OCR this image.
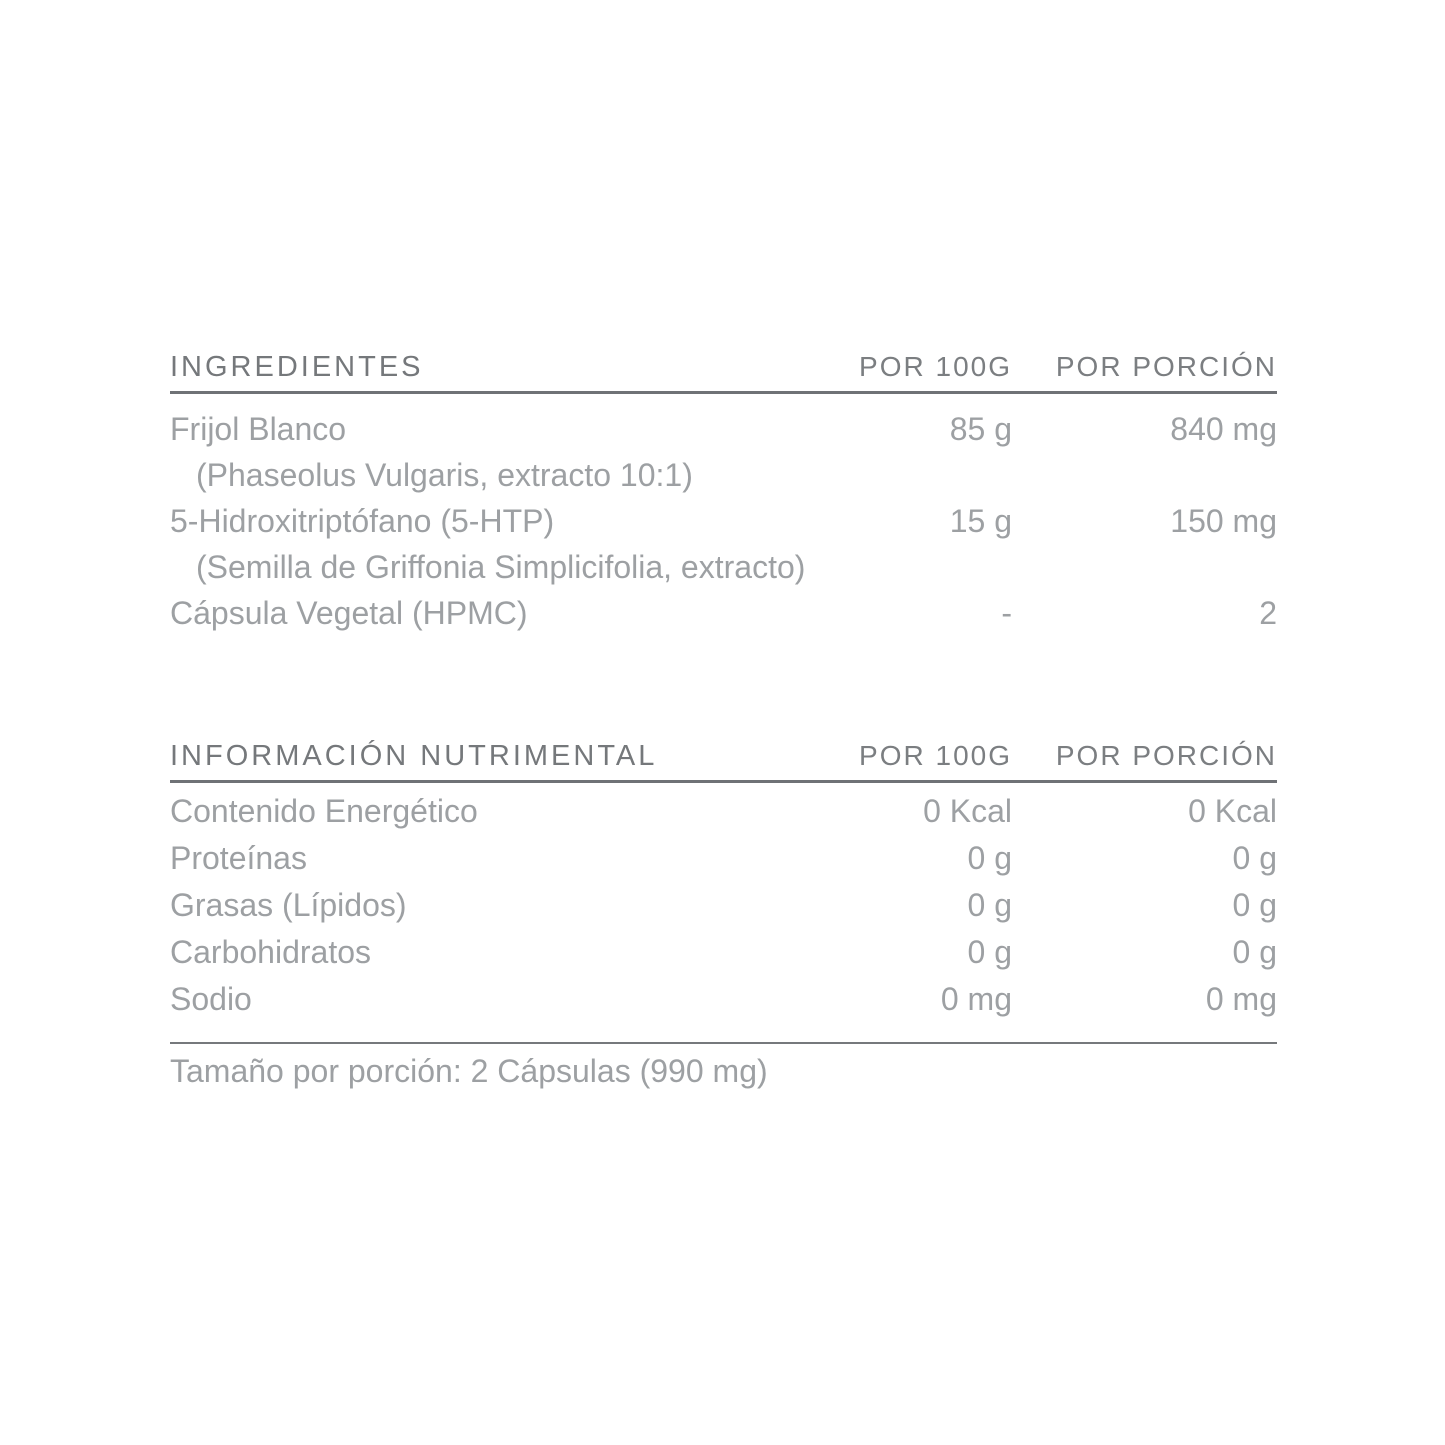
INGREDIENTES	POR 100G	POR PORCIÓN
Frijol Blanco	85 g	840 mg
(Phaseolus Vulgaris, extracto 10:1)
5-Hidroxitriptófano (5-HTP)	15 g	150 mg
(Semilla de Griffonia Simplicifolia, extracto)
Cápsula Vegetal (HPMC)	-	2
INFORMACIÓN NUTRIMENTAL	POR 100G	POR PORCIÓN
Contenido Energético	0 Kcal	0 Kcal
Proteínas	0 g	0 g
Grasas (Lípidos)	0 g	0 g
Carbohidratos	0 g	0 g
Sodio	0 mg	0 mg
Tamaño por porción: 2 Cápsulas (990 mg)
